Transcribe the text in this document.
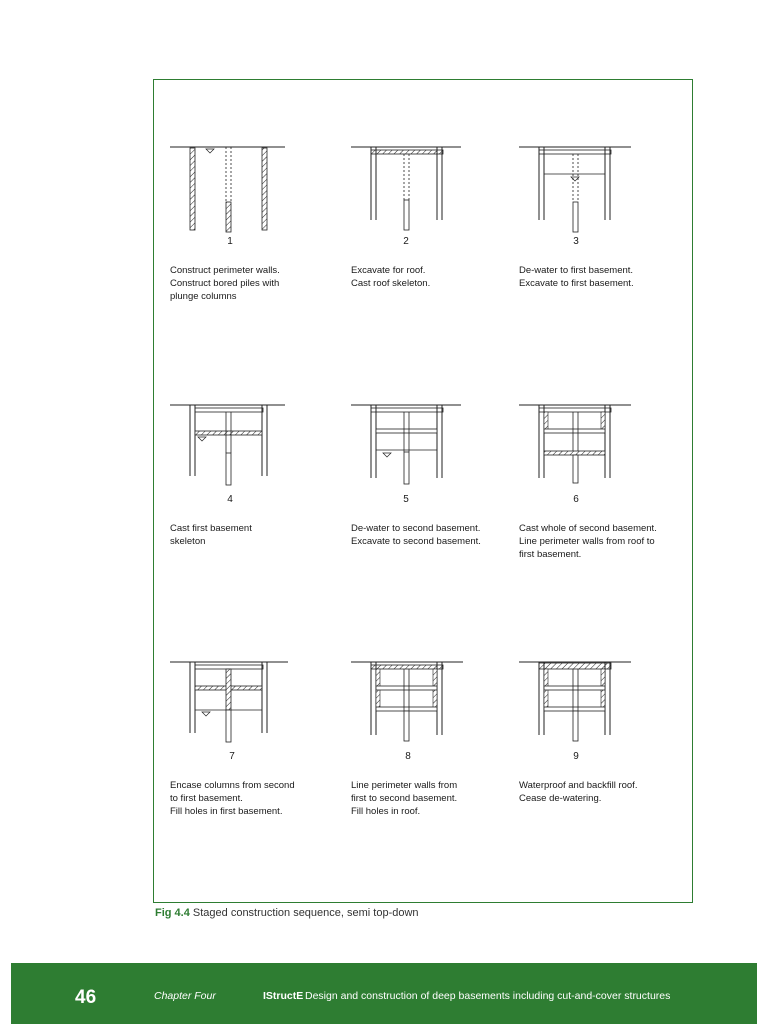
1
Construct perimeter walls.
Construct bored piles with
plunge columns
2
Excavate for roof.
Cast roof skeleton.
3
De-water to first basement.
Excavate to first basement.
4
Cast first basement
skeleton
5
De-water to second basement.
Excavate to second basement.
6
Cast whole of second basement.
Line perimeter walls from roof to
first basement.
7
Encase columns from second
to first basement.
Fill holes in first basement.
8
Line perimeter walls from
first to second basement.
Fill holes in roof.
9
Waterproof and backfill roof.
Cease de-watering.
Fig 4.4 Staged construction sequence, semi top-down
46	Chapter Four	IStructE Design and construction of deep basements including cut-and-cover structures
